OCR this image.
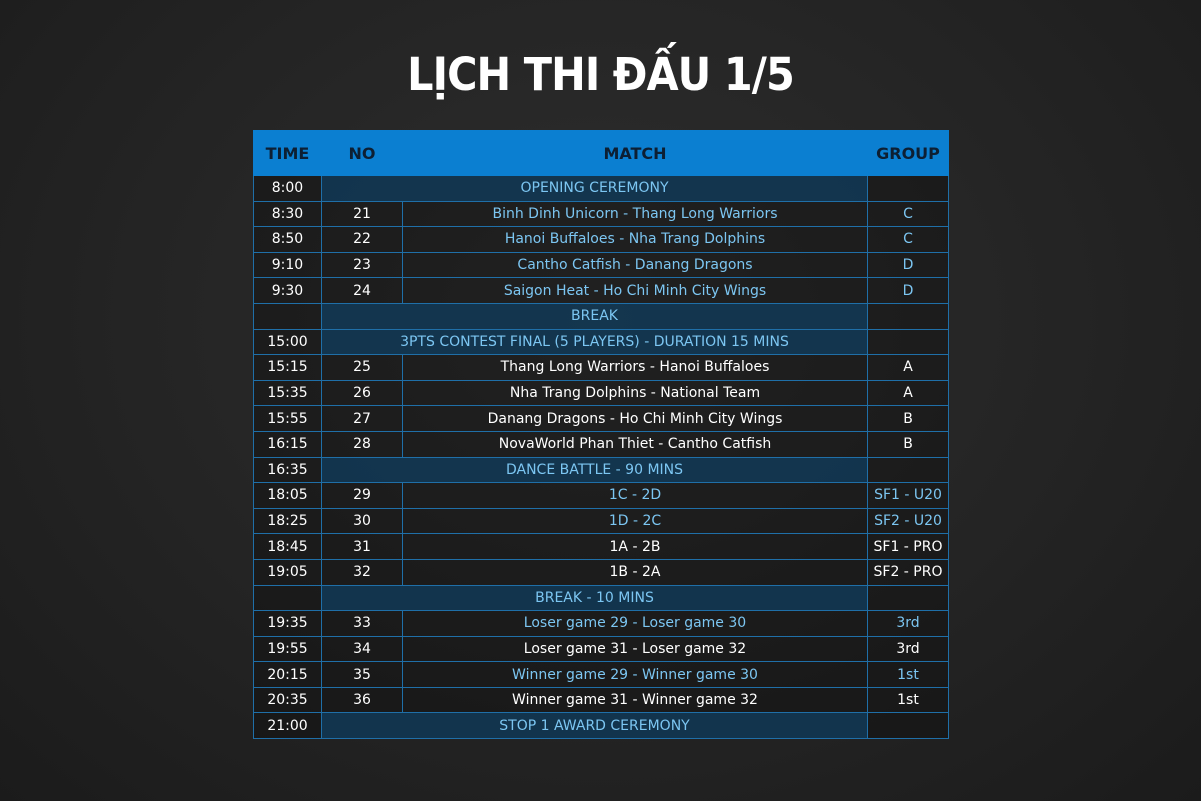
LỊCH THI ĐẤU 1/5
TIME	NO	MATCH	GROUP
8:00	OPENING CEREMONY		
8:30	21	Binh Dinh Unicorn - Thang Long Warriors	C
8:50	22	Hanoi Buffaloes - Nha Trang Dolphins	C
9:10	23	Cantho Catfish - Danang Dragons	D
9:30	24	Saigon Heat - Ho Chi Minh City Wings	D
	BREAK		
15:00	3PTS CONTEST FINAL (5 PLAYERS) - DURATION 15 MINS		
15:15	25	Thang Long Warriors - Hanoi Buffaloes	A
15:35	26	Nha Trang Dolphins - National Team	A
15:55	27	Danang Dragons - Ho Chi Minh City Wings	B
16:15	28	NovaWorld Phan Thiet - Cantho Catfish	B
16:35	DANCE BATTLE - 90 MINS		
18:05	29	1C - 2D	SF1 - U20
18:25	30	1D - 2C	SF2 - U20
18:45	31	1A - 2B	SF1 - PRO
19:05	32	1B - 2A	SF2 - PRO
	BREAK - 10 MINS		
19:35	33	Loser game 29 - Loser game 30	3rd
19:55	34	Loser game 31 - Loser game 32	3rd
20:15	35	Winner game 29 - Winner game 30	1st
20:35	36	Winner game 31 - Winner game 32	1st
21:00	STOP 1 AWARD CEREMONY		
